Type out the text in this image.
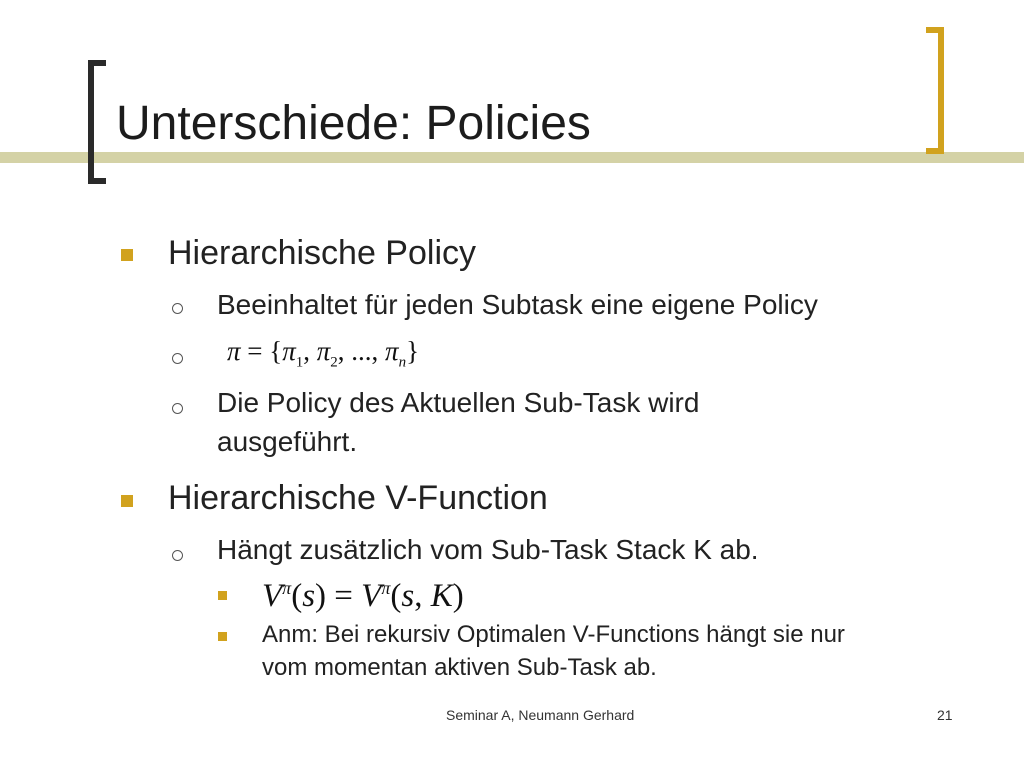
Unterschiede: Policies
Hierarchische Policy
Beeinhaltet für jeden Subtask eine eigene Policy
$\pi = \{\pi_1$, $\pi_2$, ..., $\pi_n$}
Die Policy des Aktuellen Sub-Task wird
ausgeführt.
Hierarchische V-Function
Hängt zusätzlich vom Sub-Task Stack K ab.
$V^\pi(s) = V^\pi(s$, K)
Anm: Bei rekursiv Optimalen V-Functions hängt sie nur
vom momentan aktiven Sub-Task ab.
Seminar A, Neumann Gerhard	21
